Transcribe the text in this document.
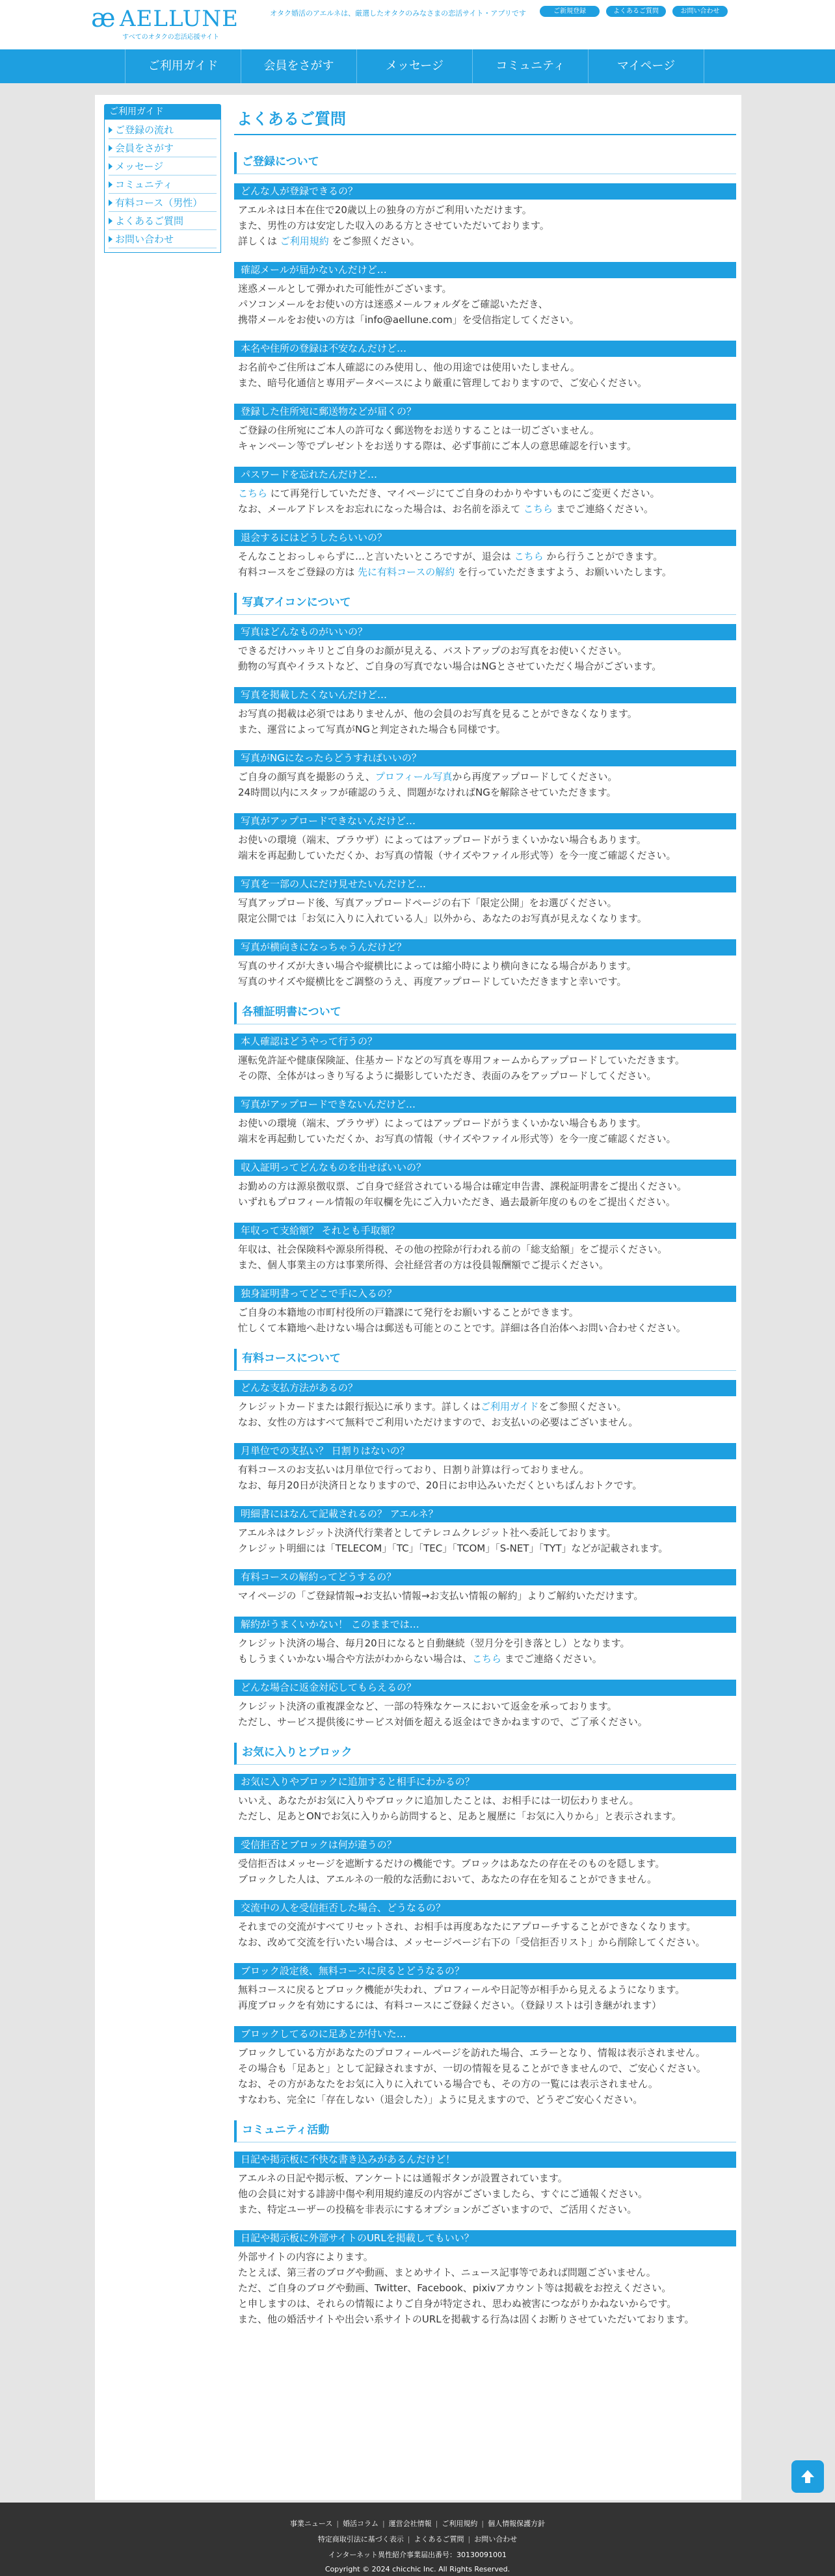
æ AELLUNE
すべてのオタクの恋活応援サイト
オタク婚活のアエルネは、厳選したオタクのみなさまの恋活サイト・アプリです	ご新規登録	よくあるご質問	お問い合わせ
ご利用ガイド	会員をさがす	メッセージ	コミュニティ	マイページ
ご利用ガイド
ご登録の流れ
会員をさがす
メッセージ
コミュニティ
有料コース（男性）
よくあるご質問
お問い合わせ
よくあるご質問
ご登録について
どんな人が登録できるの？
アエルネは日本在住で20歳以上の独身の方がご利用いただけます。
また、男性の方は安定した収入のある方とさせていただいております。
詳しくは ご利用規約 をご参照ください。
確認メールが届かないんだけど…
迷惑メールとして弾かれた可能性がございます。
パソコンメールをお使いの方は迷惑メールフォルダをご確認いただき、
携帯メールをお使いの方は「info@aellune.com」を受信指定してください。
本名や住所の登録は不安なんだけど…
お名前やご住所はご本人確認にのみ使用し、他の用途では使用いたしません。
また、暗号化通信と専用データベースにより厳重に管理しておりますので、ご安心ください。
登録した住所宛に郵送物などが届くの？
ご登録の住所宛にご本人の許可なく郵送物をお送りすることは一切ございません。
キャンペーン等でプレゼントをお送りする際は、必ず事前にご本人の意思確認を行います。
パスワードを忘れたんだけど…
こちら にて再発行していただき、マイページにてご自身のわかりやすいものにご変更ください。
なお、メールアドレスをお忘れになった場合は、お名前を添えて こちら までご連絡ください。
退会するにはどうしたらいいの？
そんなことおっしゃらずに…と言いたいところですが、退会は こちら から行うことができます。
有料コースをご登録の方は 先に有料コースの解約 を行っていただきますよう、お願いいたします。
写真アイコンについて
写真はどんなものがいいの？
できるだけハッキリとご自身のお顔が見える、バストアップのお写真をお使いください。
動物の写真やイラストなど、ご自身の写真でない場合はNGとさせていただく場合がございます。
写真を掲載したくないんだけど…
お写真の掲載は必須ではありませんが、他の会員のお写真を見ることができなくなります。
また、運営によって写真がNGと判定された場合も同様です。
写真がNGになったらどうすればいいの？
ご自身の顔写真を撮影のうえ、プロフィール写真から再度アップロードしてください。
24時間以内にスタッフが確認のうえ、問題がなければNGを解除させていただきます。
写真がアップロードできないんだけど…
お使いの環境（端末、ブラウザ）によってはアップロードがうまくいかない場合もあります。
端末を再起動していただくか、お写真の情報（サイズやファイル形式等）を今一度ご確認ください。
写真を一部の人にだけ見せたいんだけど…
写真アップロード後、写真アップロードページの右下「限定公開」をお選びください。
限定公開では「お気に入りに入れている人」以外から、あなたのお写真が見えなくなります。
写真が横向きになっちゃうんだけど？
写真のサイズが大きい場合や縦横比によっては縮小時により横向きになる場合があります。
写真のサイズや縦横比をご調整のうえ、再度アップロードしていただきますと幸いです。
各種証明書について
本人確認はどうやって行うの？
運転免許証や健康保険証、住基カードなどの写真を専用フォームからアップロードしていただきます。
その際、全体がはっきり写るように撮影していただき、表面のみをアップロードしてください。
写真がアップロードできないんだけど…
お使いの環境（端末、ブラウザ）によってはアップロードがうまくいかない場合もあります。
端末を再起動していただくか、お写真の情報（サイズやファイル形式等）を今一度ご確認ください。
収入証明ってどんなものを出せばいいの？
お勤めの方は源泉徴収票、ご自身で経営されている場合は確定申告書、課税証明書をご提出ください。
いずれもプロフィール情報の年収欄を先にご入力いただき、過去最新年度のものをご提出ください。
年収って支給額？ それとも手取額？
年収は、社会保険料や源泉所得税、その他の控除が行われる前の「総支給額」をご提示ください。
また、個人事業主の方は事業所得、会社経営者の方は役員報酬額でご提示ください。
独身証明書ってどこで手に入るの？
ご自身の本籍地の市町村役所の戸籍課にて発行をお願いすることができます。
忙しくて本籍地へ赴けない場合は郵送も可能とのことです。詳細は各自治体へお問い合わせください。
有料コースについて
どんな支払方法があるの？
クレジットカードまたは銀行振込に承ります。詳しくはご利用ガイドをご参照ください。
なお、女性の方はすべて無料でご利用いただけますので、お支払いの必要はございません。
月単位での支払い？ 日割りはないの？
有料コースのお支払いは月単位で行っており、日割り計算は行っておりません。
なお、毎月20日が決済日となりますので、20日にお申込みいただくといちばんおトクです。
明細書にはなんて記載されるの？ アエルネ？
アエルネはクレジット決済代行業者としてテレコムクレジット社へ委託しております。
クレジット明細には「TELECOM」「TC」「TEC」「TCOM」「S-NET」「TYT」などが記載されます。
有料コースの解約ってどうするの？
マイページの「ご登録情報→お支払い情報→お支払い情報の解約」よりご解約いただけます。
解約がうまくいかない！ このままでは…
クレジット決済の場合、毎月20日になると自動継続（翌月分を引き落とし）となります。
もしうまくいかない場合や方法がわからない場合は、こちら までご連絡ください。
どんな場合に返金対応してもらえるの？
クレジット決済の重複課金など、一部の特殊なケースにおいて返金を承っております。
ただし、サービス提供後にサービス対価を超える返金はできかねますので、ご了承ください。
お気に入りとブロック
お気に入りやブロックに追加すると相手にわかるの？
いいえ、あなたがお気に入りやブロックに追加したことは、お相手には一切伝わりません。
ただし、足あとONでお気に入りから訪問すると、足あと履歴に「お気に入りから」と表示されます。
受信拒否とブロックは何が違うの？
受信拒否はメッセージを遮断するだけの機能です。ブロックはあなたの存在そのものを隠します。
ブロックした人は、アエルネの一般的な活動において、あなたの存在を知ることができません。
交流中の人を受信拒否した場合、どうなるの？
それまでの交流がすべてリセットされ、お相手は再度あなたにアプローチすることができなくなります。
なお、改めて交流を行いたい場合は、メッセージページ右下の「受信拒否リスト」から削除してください。
ブロック設定後、無料コースに戻るとどうなるの？
無料コースに戻るとブロック機能が失われ、プロフィールや日記等が相手から見えるようになります。
再度ブロックを有効にするには、有料コースにご登録ください。（登録リストは引き継がれます）
ブロックしてるのに足あとが付いた…
ブロックしている方があなたのプロフィールページを訪れた場合、エラーとなり、情報は表示されません。
その場合も「足あと」として記録されますが、一切の情報を見ることができませんので、ご安心ください。
なお、その方があなたをお気に入りに入れている場合でも、その方の一覧には表示されません。
すなわち、完全に「存在しない（退会した）」ように見えますので、どうぞご安心ください。
コミュニティ活動
日記や掲示板に不快な書き込みがあるんだけど！
アエルネの日記や掲示板、アンケートには通報ボタンが設置されています。
他の会員に対する誹謗中傷や利用規約違反の内容がございましたら、すぐにご通報ください。
また、特定ユーザーの投稿を非表示にするオプションがございますので、ご活用ください。
日記や掲示板に外部サイトのURLを掲載してもいい？
外部サイトの内容によります。
たとえば、第三者のブログや動画、まとめサイト、ニュース記事等であれば問題ございません。
ただ、ご自身のブログや動画、Twitter、Facebook、pixivアカウント等は掲載をお控えください。
と申しますのは、それらの情報によりご自身が特定され、思わぬ被害につながりかねないからです。
また、他の婚活サイトや出会い系サイトのURLを掲載する行為は固くお断りさせていただいております。
事業ニュース | 婚活コラム | 運営会社情報 | ご利用規約 | 個人情報保護方針
特定商取引法に基づく表示 | よくあるご質問 | お問い合わせ
インターネット異性紹介事業届出番号：30130091001
Copyright © 2024 chicchic Inc. All Rights Reserved.
